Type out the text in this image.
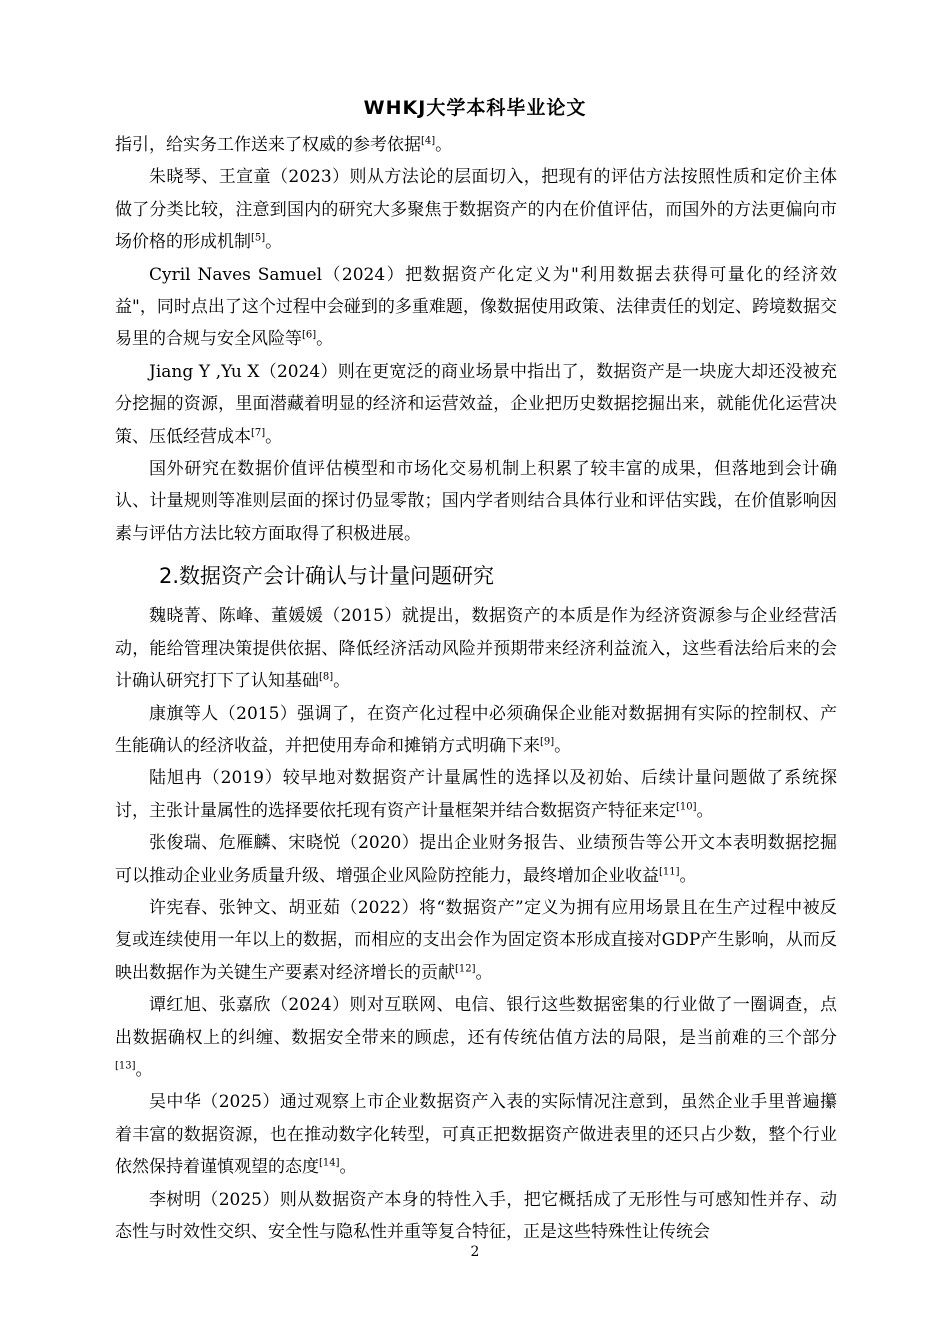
WHKJ大学本科毕业论文

指引，给实务工作送来了权威的参考依据[4]。

朱晓琴、王宣童（2023）则从方法论的层面切入，把现有的评估方法按照性质和定价主体做了分类比较，注意到国内的研究大多聚焦于数据资产的内在价值评估，而国外的方法更偏向市场价格的形成机制[5]。

Cyril Naves Samuel（2024）把数据资产化定义为"利用数据去获得可量化的经济效益"，同时点出了这个过程中会碰到的多重难题，像数据使用政策、法律责任的划定、跨境数据交易里的合规与安全风险等[6]。

Jiang Y ,Yu X（2024）则在更宽泛的商业场景中指出了，数据资产是一块庞大却还没被充分挖掘的资源，里面潜藏着明显的经济和运营效益，企业把历史数据挖掘出来，就能优化运营决策、压低经营成本[7]。

国外研究在数据价值评估模型和市场化交易机制上积累了较丰富的成果，但落地到会计确认、计量规则等准则层面的探讨仍显零散；国内学者则结合具体行业和评估实践，在价值影响因素与评估方法比较方面取得了积极进展。

2.数据资产会计确认与计量问题研究

魏晓菁、陈峰、董媛媛（2015）就提出，数据资产的本质是作为经济资源参与企业经营活动，能给管理决策提供依据、降低经济活动风险并预期带来经济利益流入，这些看法给后来的会计确认研究打下了认知基础[8]。

康旗等人（2015）强调了，在资产化过程中必须确保企业能对数据拥有实际的控制权、产生能确认的经济收益，并把使用寿命和摊销方式明确下来[9]。

陆旭冉（2019）较早地对数据资产计量属性的选择以及初始、后续计量问题做了系统探讨，主张计量属性的选择要依托现有资产计量框架并结合数据资产特征来定[10]。

张俊瑞、危雁麟、宋晓悦（2020）提出企业财务报告、业绩预告等公开文本表明数据挖掘可以推动企业业务质量升级、增强企业风险防控能力，最终增加企业收益[11]。

许宪春、张钟文、胡亚茹（2022）将“数据资产”定义为拥有应用场景且在生产过程中被反复或连续使用一年以上的数据，而相应的支出会作为固定资本形成直接对GDP产生影响，从而反映出数据作为关键生产要素对经济增长的贡献[12]。

谭红旭、张嘉欣（2024）则对互联网、电信、银行这些数据密集的行业做了一圈调查，点出数据确权上的纠缠、数据安全带来的顾虑，还有传统估值方法的局限，是当前难的三个部分[13]。

吴中华（2025）通过观察上市企业数据资产入表的实际情况注意到，虽然企业手里普遍攥着丰富的数据资源，也在推动数字化转型，可真正把数据资产做进表里的还只占少数，整个行业依然保持着谨慎观望的态度[14]。

李树明（2025）则从数据资产本身的特性入手，把它概括成了无形性与可感知性并存、动态性与时效性交织、安全性与隐私性并重等复合特征，正是这些特殊性让传统会

2
